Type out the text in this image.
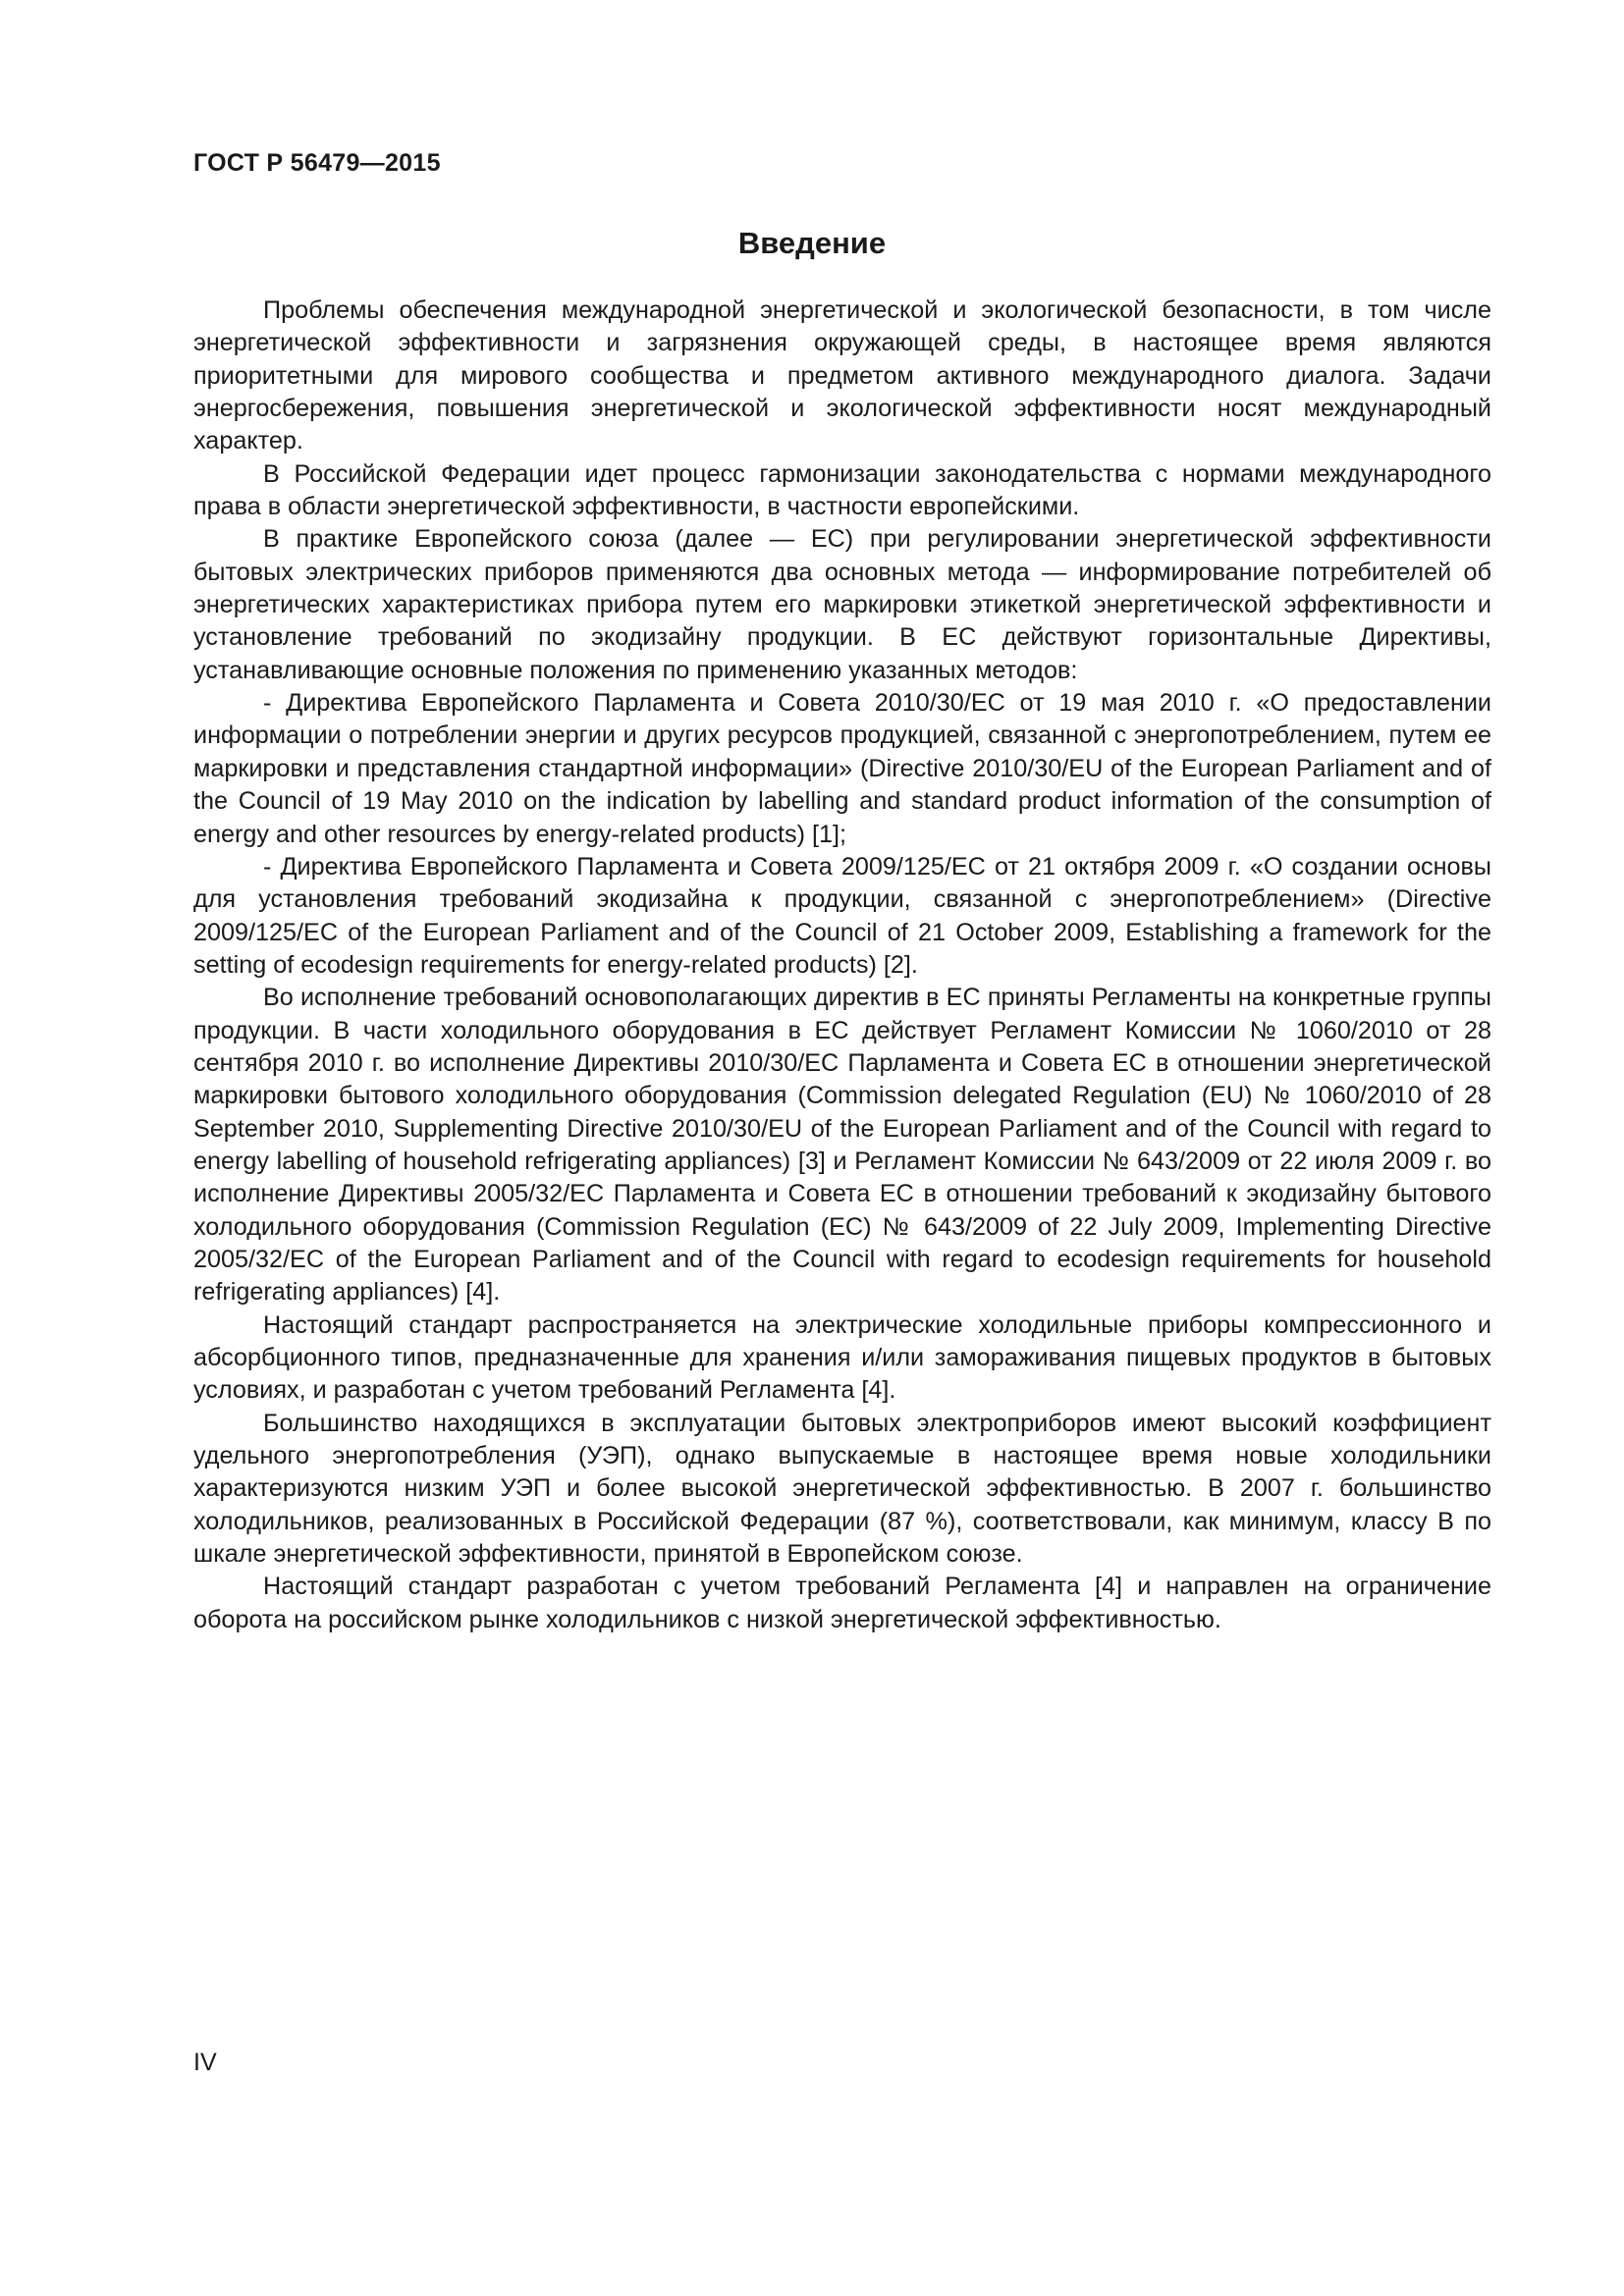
ГОСТ Р 56479—2015

Введение

Проблемы обеспечения международной энергетической и экологической безопасности, в том числе энергетической эффективности и загрязнения окружающей среды, в настоящее время являются приоритетными для мирового сообщества и предметом активного международного диалога. Задачи энергосбережения, повышения энергетической и экологической эффективности носят международный характер.

В Российской Федерации идет процесс гармонизации законодательства с нормами международного права в области энергетической эффективности, в частности европейскими.

В практике Европейского союза (далее — ЕС) при регулировании энергетической эффективности бытовых электрических приборов применяются два основных метода — информирование потребителей об энергетических характеристиках прибора путем его маркировки этикеткой энергетической эффективности и установление требований по экодизайну продукции. В ЕС действуют горизонтальные Директивы, устанавливающие основные положения по применению указанных методов:

- Директива Европейского Парламента и Совета 2010/30/ЕС от 19 мая 2010 г. «О предоставлении информации о потреблении энергии и других ресурсов продукцией, связанной с энергопотреблением, путем ее маркировки и представления стандартной информации» (Directive 2010/30/EU of the European Parliament and of the Council of 19 May 2010 on the indication by labelling and standard product information of the consumption of energy and other resources by energy-related products) [1];

- Директива Европейского Парламента и Совета 2009/125/ЕС от 21 октября 2009 г. «О создании основы для установления требований экодизайна к продукции, связанной с энергопотреблением» (Directive 2009/125/EC of the European Parliament and of the Council of 21 October 2009, Establishing a framework for the setting of ecodesign requirements for energy-related products) [2].

Во исполнение требований основополагающих директив в ЕС приняты Регламенты на конкретные группы продукции. В части холодильного оборудования в ЕС действует Регламент Комиссии № 1060/2010 от 28 сентября 2010 г. во исполнение Директивы 2010/30/ЕС Парламента и Совета ЕС в отношении энергетической маркировки бытового холодильного оборудования (Commission delegated Regulation (EU) № 1060/2010 of 28 September 2010, Supplementing Directive 2010/30/EU of the European Parliament and of the Council with regard to energy labelling of household refrigerating appliances) [3] и Регламент Комиссии № 643/2009 от 22 июля 2009 г. во исполнение Директивы 2005/32/ЕС Парламента и Совета ЕС в отношении требований к экодизайну бытового холодильного оборудования (Commission Regulation (EC) № 643/2009 of 22 July 2009, Implementing Directive 2005/32/EC of the European Parliament and of the Council with regard to ecodesign requirements for household refrigerating appliances) [4].

Настоящий стандарт распространяется на электрические холодильные приборы компрессионного и абсорбционного типов, предназначенные для хранения и/или замораживания пищевых продуктов в бытовых условиях, и разработан с учетом требований Регламента [4].

Большинство находящихся в эксплуатации бытовых электроприборов имеют высокий коэффициент удельного энергопотребления (УЭП), однако выпускаемые в настоящее время новые холодильники характеризуются низким УЭП и более высокой энергетической эффективностью. В 2007 г. большинство холодильников, реализованных в Российской Федерации (87 %), соответствовали, как минимум, классу В по шкале энергетической эффективности, принятой в Европейском союзе.

Настоящий стандарт разработан с учетом требований Регламента [4] и направлен на ограничение оборота на российском рынке холодильников с низкой энергетической эффективностью.

IV
